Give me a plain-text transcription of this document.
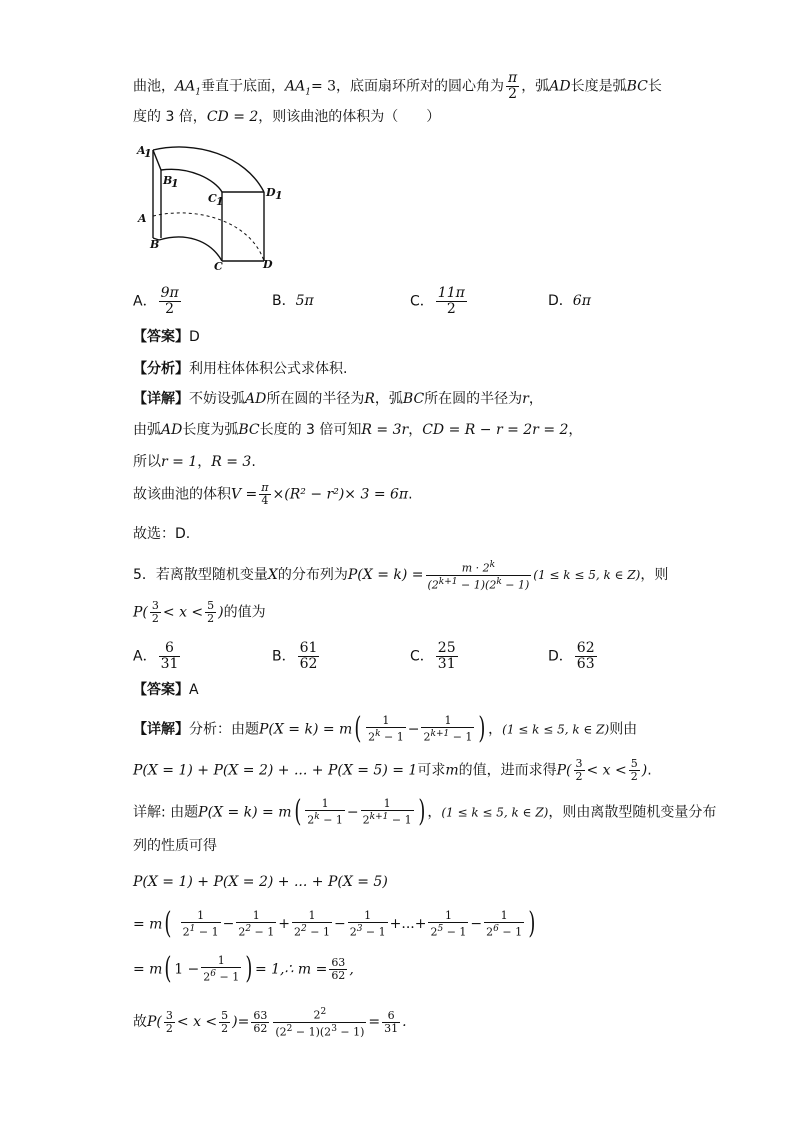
曲池，$AA_1$垂直于底面，$AA_1= 3$，底面扇环所对的圆心角为 $\frac{\pi}{2}$ ，弧AD长度是弧BC长
度的 3 倍，CD = 2，则该曲池的体积为（　　）
A
1
B
1
C 1
D 1
A
B
C	D
A． $\frac{9\pi}{2}$	B．5π	C． $\frac{11\pi}{2}$	D．6π
【答案】D
【分析】利用柱体体积公式求体积.
【详解】不妨设弧AD所在圆的半径为R，弧BC所在圆的半径为r，
由弧AD长度为弧BC长度的 3 倍可知R = 3r，CD = R − r = 2r = 2，
所以r = 1，R = 3.
故该曲池的体积$V = \frac{\pi}{4} \times(R^2 - r^2)\times 3 = 6\pi$.
故选：D.
5．若离散型随机变量X的分布列为$P(X = k) = \frac{m \cdot 2^k}{(2^{k+1} - 1)(2^k - 1)} (1 \le k \le 5$, k ∈ Z)，则
$P( \frac{3}{2} < x < \frac{5}{2}$ )的值为
A． $\frac{6}{31}$	B． $\frac{61}{62}$	C． $\frac{25}{31}$	D． $\frac{62}{63}$
【答案】A
【详解】分析：由题$P(X = k) = m( \frac{1}{2^k - 1} - \frac{1}{2^{k+1} - 1}$ ) ，(1 ≤ k ≤ 5, k ∈ Z)则由
P(X = 1) + P(X = 2) + ... + P(X = 5) = 1可求m的值，进而求得$P( \frac{3}{2} < x < \frac{5}{2}$ ).
详解: 由题$P(X = k) = m( \frac{1}{2^k - 1} - \frac{1}{2^{k+1} - 1}$ ) ，(1 ≤ k ≤ 5, k ∈ Z)，则由离散型随机变量分布
列的性质可得
P(X = 1) + P(X = 2) + ... + P(X = 5)
= $m( \frac{1}{2^1 - 1} - \frac{1}{2^2 - 1} + \frac{1}{2^2 - 1} - \frac{1}{2^3 - 1}$ +...+ $\frac{1}{2^5 - 1} - \frac{1}{2^6 - 1}$ )
= m( $1 - \frac{1}{2^6 - 1}$ ) = 1,∴ $m = \frac{63}{62}$ ,
故$P( \frac{3}{2} < x < \frac{5}{2}$ )= $\frac{63}{62} \frac{2^2}{(2^2 - 1)(2^3 - 1)} = \frac{6}{31}$ .
